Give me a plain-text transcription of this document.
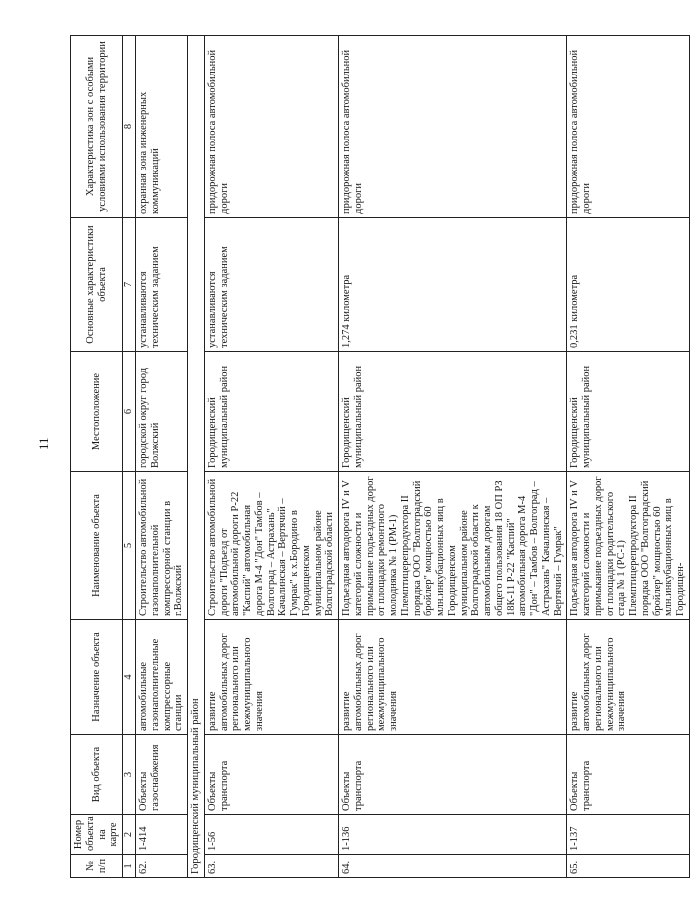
11
№ п/п	Номер объекта на карте	Вид объекта	Назначение объекта	Наименование объекта	Местоположение	Основные характеристики объекта	Характеристика зон с особыми условиями использования территории
1	2	3	4	5	6	7	8
62.	1-414	Объекты газоснабжения	автомобильные газонаполнительные компрессорные станции	Строительство автомобильной газонаполнительной компрессорной станции в г.Волжский	городской округ город Волжский	устанавливаются техническим заданием	охранная зона инженерных коммуникаций
Городищенский муниципальный район							
63.	1-56	Объекты транспорта	развитие автомобильных дорог регионального или межмуниципального значения	Строительство автомобильной дороги "Подъезд от автомобильной дороги Р-22 "Каспий" автомобильная дорога М-4 "Дон" Тамбов – Волгоград – Астрахань" Качалинская – Вертячий – Гумрак" к х.Бородино в Городищенском муниципальном районе Волгоградской области	Городищенский муниципальный район	устанавливаются техническим заданием	придорожная полоса автомобильной дороги
64.	1-136	Объекты транспорта	развитие автомобильных дорог регионального или межмуниципального значения	Подъездная автодорога IV и V категорий сложности и примыкание подъездных дорог от площадки ремонтного молодняка № 1 (РМ-1) Племптицерепродуктора II порядка ООО "Волгоградский бройлер" мощностью 60 млн.инкубационных яиц в Городищенском муниципальном районе Волгоградской области к автомобильным дорогам общего пользования 18 ОП РЗ 18К-11 Р-22 "Каспий" автомобильная дорога М-4 "Дон" – Тамбов – Волгоград – Астрахань" Качалинская – Вертячий – Гумрак"	Городищенский муниципальный район	1,274 километра	придорожная полоса автомобильной дороги
65.	1-137	Объекты транспорта	развитие автомобильных дорог регионального или межмуниципального значения	Подъездная автодорога IV и V категорий сложности и примыкание подъездных дорог от площадки родительского стада № 1 (РС-1) Племптицерепродуктора II порядка ООО "Волгоградский бройлер" мощностью 60 млн.инкубационных яиц в Городищен-	Городищенский муниципальный район	0,231 километра	придорожная полоса автомобильной дороги
